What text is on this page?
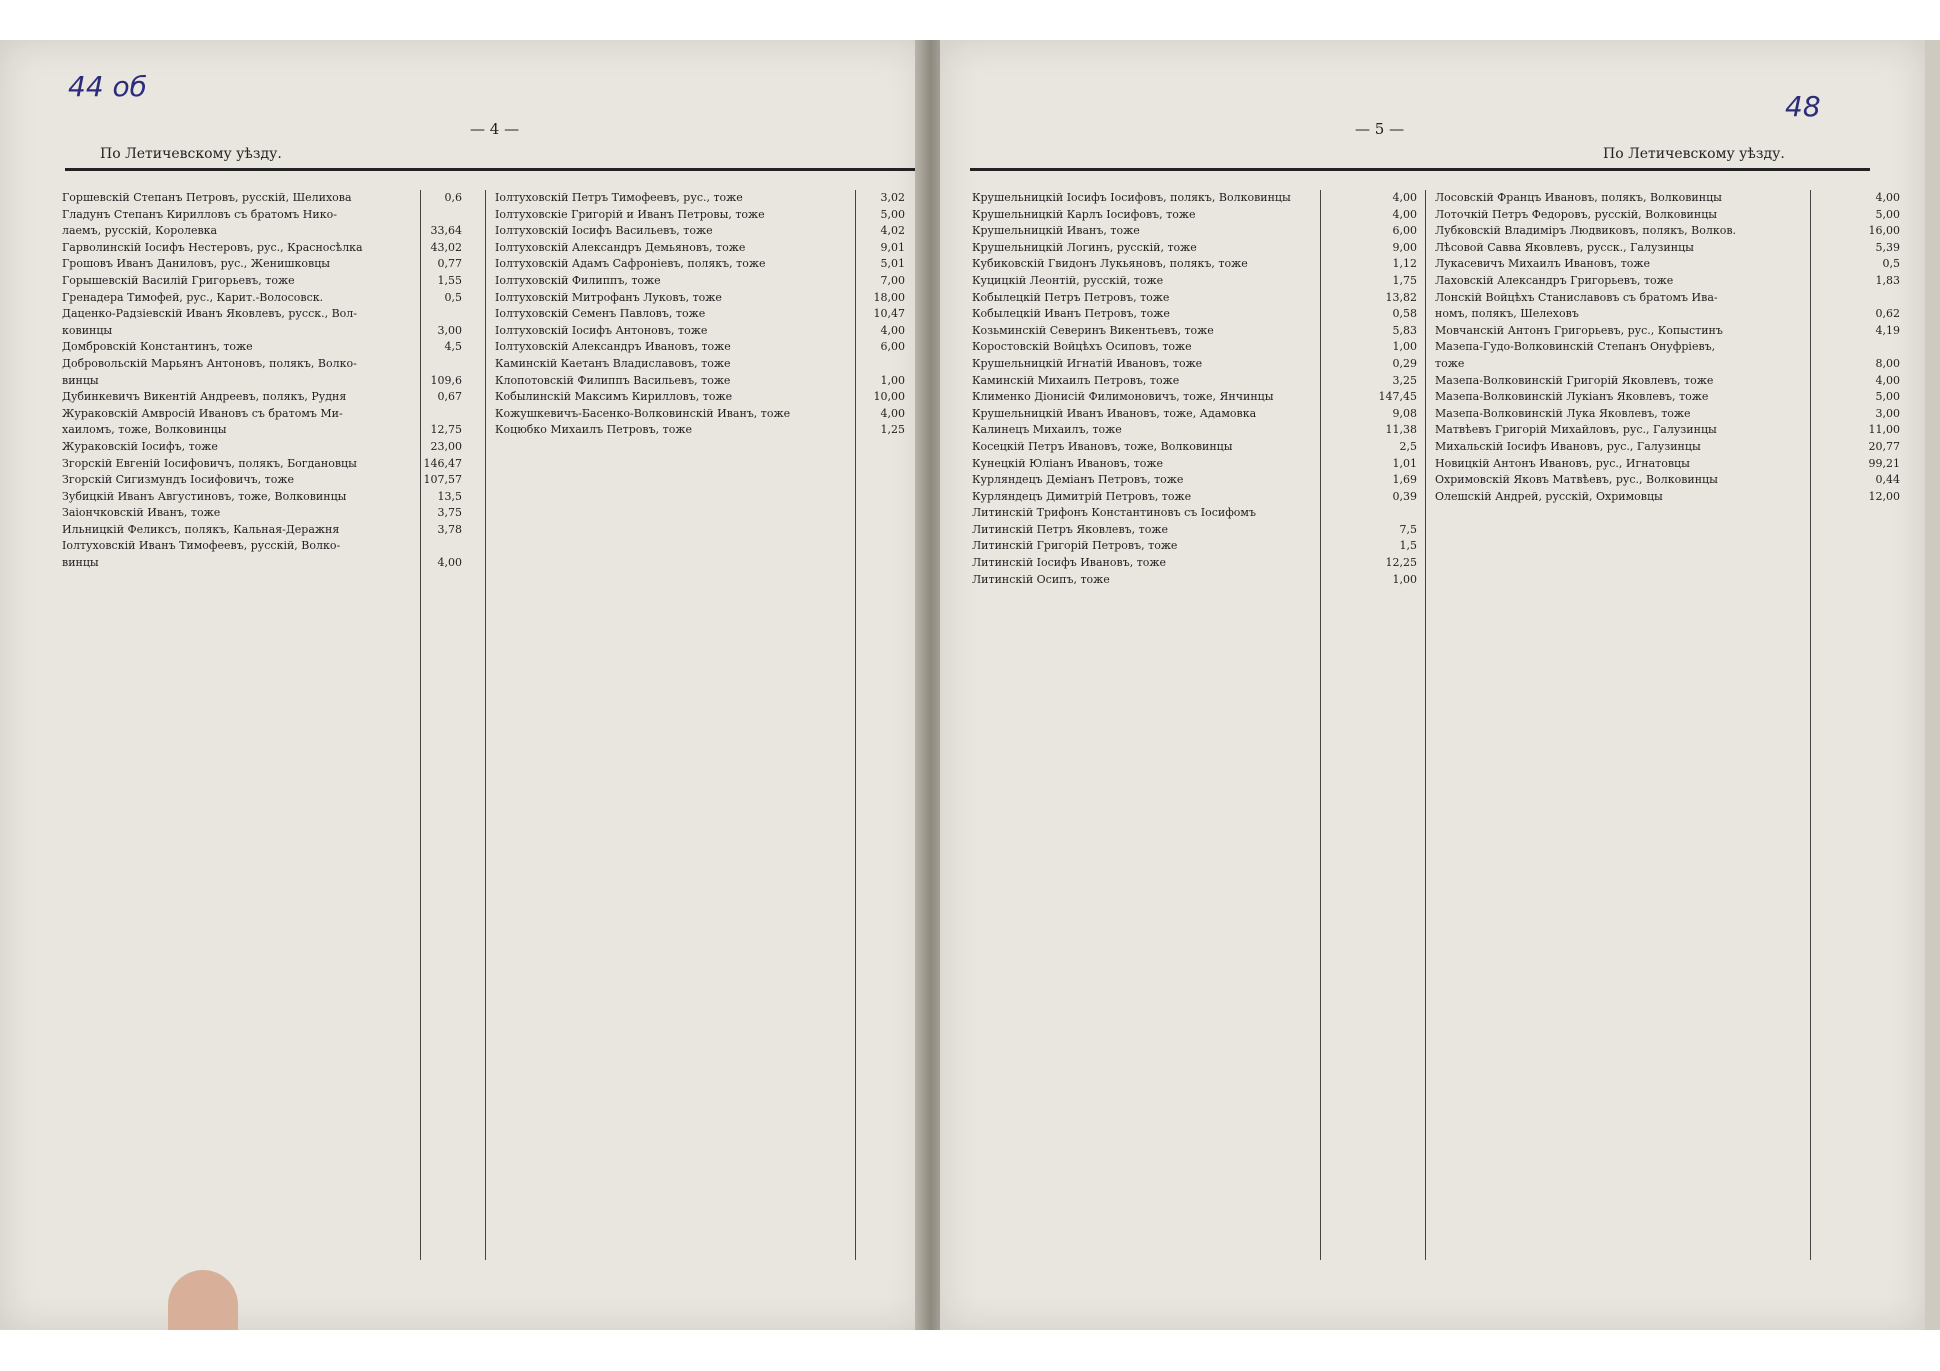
44 об
— 4 —
По Летичевскому уѣзду.
Горшевскій Степанъ Петровъ, русскій, Шелихова	0,6
Гладунъ Степанъ Кирилловъ съ братомъ Нико-
лаемъ, русскій, Королевка	33,64
Гарволинскій Іосифъ Нестеровъ, рус., Красносѣлка	43,02
Грошовъ Иванъ Даниловъ, рус., Женишковцы	0,77
Горышевскій Василій Григорьевъ, тоже	1,55
Гренадера Тимофей, рус., Карит.-Волосовск.	0,5
Даценко-Радзіевскій Иванъ Яковлевъ, русск., Вол-
ковинцы	3,00
Домбровскій Константинъ, тоже	4,5
Добровольскій Марьянъ Антоновъ, полякъ, Волко-
винцы	109,6
Дубинкевичъ Викентій Андреевъ, полякъ, Рудня	0,67
Жураковскій Амвросій Ивановъ съ братомъ Ми-
хаиломъ, тоже, Волковинцы	12,75
Жураковскій Іосифъ, тоже	23,00
Згорскій Евгеній Іосифовичъ, полякъ, Богдановцы	146,47
Згорскій Сигизмундъ Іосифовичъ, тоже	107,57
Зубицкій Иванъ Августиновъ, тоже, Волковинцы	13,5
Заіончковскій Иванъ, тоже	3,75
Ильницкій Феликсъ, полякъ, Кальная-Деражня	3,78
Іолтуховскій Иванъ Тимофеевъ, русскій, Волко-
винцы	4,00
Іолтуховскій Петръ Тимофеевъ, рус., тоже	3,02
Іолтуховскіе Григорій и Иванъ Петровы, тоже	5,00
Іолтуховскій Іосифъ Васильевъ, тоже	4,02
Іолтуховскій Александръ Демьяновъ, тоже	9,01
Іолтуховскій Адамъ Сафроніевъ, полякъ, тоже	5,01
Іолтуховскій Филиппъ, тоже	7,00
Іолтуховскій Митрофанъ Луковъ, тоже	18,00
Іолтуховскій Семенъ Павловъ, тоже	10,47
Іолтуховскій Іосифъ Антоновъ, тоже	4,00
Іолтуховскій Александръ Ивановъ, тоже	6,00
Каминскій Каетанъ Владиславовъ, тоже
Клопотовскій Филиппъ Васильевъ, тоже	1,00
Кобылинскій Максимъ Кирилловъ, тоже	10,00
Кожушкевичъ-Басенко-Волковинскій Иванъ, тоже	4,00
Коцюбко Михаилъ Петровъ, тоже	1,25
48
— 5 —
По Летичевскому уѣзду.
Крушельницкій Іосифъ Іосифовъ, полякъ, Волковинцы	4,00
Крушельницкій Карлъ Іосифовъ, тоже	4,00
Крушельницкій Иванъ, тоже	6,00
Крушельницкій Логинъ, русскій, тоже	9,00
Кубиковскій Гвидонъ Лукьяновъ, полякъ, тоже	1,12
Куцицкій Леонтій, русскій, тоже	1,75
Кобылецкій Петръ Петровъ, тоже	13,82
Кобылецкій Иванъ Петровъ, тоже	0,58
Козьминскій Северинъ Викентьевъ, тоже	5,83
Коростовскій Войцѣхъ Осиповъ, тоже	1,00
Крушельницкій Игнатій Ивановъ, тоже	0,29
Каминскій Михаилъ Петровъ, тоже	3,25
Клименко Діонисій Филимоновичъ, тоже, Янчинцы	147,45
Крушельницкій Иванъ Ивановъ, тоже, Адамовка	9,08
Калинецъ Михаилъ, тоже	11,38
Косецкій Петръ Ивановъ, тоже, Волковинцы	2,5
Кунецкій Юліанъ Ивановъ, тоже	1,01
Курляндецъ Деміанъ Петровъ, тоже	1,69
Курляндецъ Димитрій Петровъ, тоже	0,39
Литинскій Трифонъ Константиновъ съ Іосифомъ
Литинскій Петръ Яковлевъ, тоже	7,5
Литинскій Григорій Петровъ, тоже	1,5
Литинскій Іосифъ Ивановъ, тоже	12,25
Литинскій Осипъ, тоже	1,00
Лосовскій Францъ Ивановъ, полякъ, Волковинцы	4,00
Лоточкій Петръ Федоровъ, русскій, Волковинцы	5,00
Лубковскій Владиміръ Людвиковъ, полякъ, Волков.	16,00
Лѣсовой Савва Яковлевъ, русск., Галузинцы	5,39
Лукасевичъ Михаилъ Ивановъ, тоже	0,5
Лаховскій Александръ Григорьевъ, тоже	1,83
Лонскій Войцѣхъ Станиславовъ съ братомъ Ива-
номъ, полякъ, Шелеховъ	0,62
Мовчанскій Антонъ Григорьевъ, рус., Копыстинъ	4,19
Мазепа-Гудо-Волковинскій Степанъ Онуфріевъ,
тоже	8,00
Мазепа-Волковинскій Григорій Яковлевъ, тоже	4,00
Мазепа-Волковинскій Лукіанъ Яковлевъ, тоже	5,00
Мазепа-Волковинскій Лука Яковлевъ, тоже	3,00
Матвѣевъ Григорій Михайловъ, рус., Галузинцы	11,00
Михальскій Іосифъ Ивановъ, рус., Галузинцы	20,77
Новицкій Антонъ Ивановъ, рус., Игнатовцы	99,21
Охримовскій Яковъ Матвѣевъ, рус., Волковинцы	0,44
Олешскій Андрей, русскій, Охримовцы	12,00
